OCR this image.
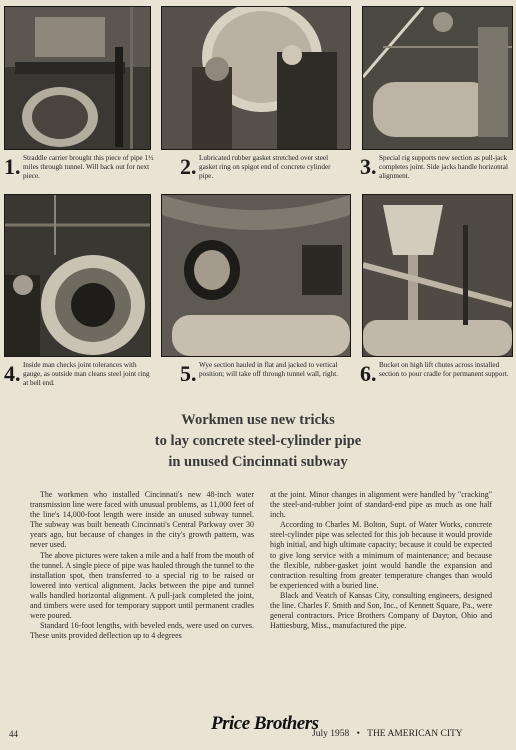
1. Straddle carrier brought this piece of pipe 1½ miles through tunnel. Will back out for next piece.	2. Lubricated rubber gasket stretched over steel gasket ring on spigot end of concrete cylinder pipe.	3. Special rig supports new section as pull-jack completes joint. Side jacks handle horizontal alignment.
4. Inside man checks joint tolerances with gauge, as outside man cleans steel joint ring at bell end.	5. Wye section hauled in flat and jacked to vertical position; will take off through tunnel wall, right. 6. Bucket on high lift chutes across installed section to pour cradle for permanent support.
Workmen use new tricks
to lay concrete steel-cylinder pipe
in unused Cincinnati subway

The workmen who installed Cincinnati's new 48-inch water transmission line were faced with unusual problems, as 11,000 feet of the line's 14,000-foot length were inside an unused subway tunnel. The subway was built beneath Cincinnati's Central Parkway over 30 years ago, but because of changes in the city's growth pattern, was never used.

The above pictures were taken a mile and a half from the mouth of the tunnel. A single piece of pipe was hauled through the tunnel to the installation spot, then transferred to a special rig to be raised or lowered into vertical alignment. Jacks between the pipe and tunnel walls handled horizontal alignment. A pull-jack completed the joint, and timbers were used for temporary support until permanent cradles were poured.

Standard 16-foot lengths, with beveled ends, were used on curves. These units provided deflection up to 4 degrees

at the joint. Minor changes in alignment were handled by "cracking" the steel-and-rubber joint of standard-end pipe as much as one half inch.

According to Charles M. Bolton, Supt. of Water Works, concrete steel-cylinder pipe was selected for this job because it would provide high initial, and high ultimate capacity; because it could be expected to give long service with a minimum of maintenance; and because the flexible, rubber-gasket joint would handle the expansion and contraction resulting from greater temperature changes than would be experienced with a buried line.

Black and Veatch of Kansas City, consulting engineers, designed the line. Charles F. Smith and Son, Inc., of Kennett Square, Pa., were general contractors. Price Brothers Company of Dayton, Ohio and Hattiesburg, Miss., manufactured the pipe.

Price Brothers
44	July 1958 • THE AMERICAN CITY
